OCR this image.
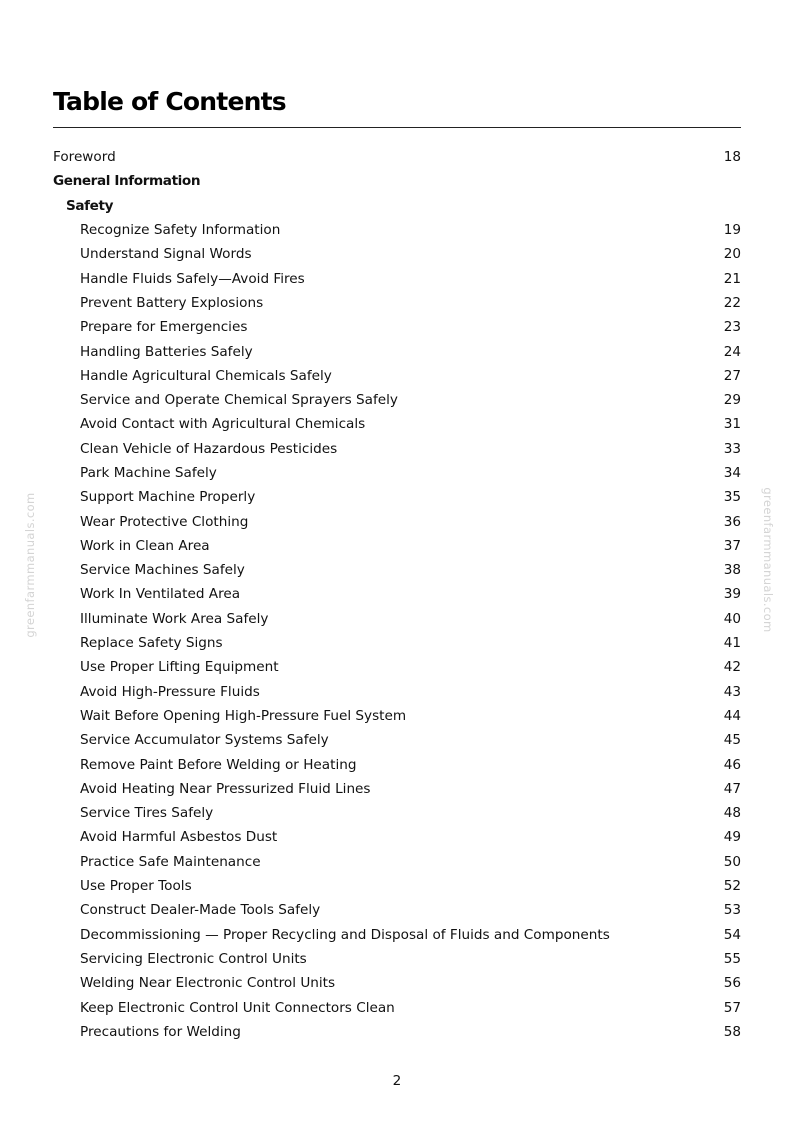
Table of Contents
Foreword	18
General Information
Safety
Recognize Safety Information	19
Understand Signal Words	20
Handle Fluids Safely—Avoid Fires	21
Prevent Battery Explosions	22
Prepare for Emergencies	23
Handling Batteries Safely	24
Handle Agricultural Chemicals Safely	27
Service and Operate Chemical Sprayers Safely	29
Avoid Contact with Agricultural Chemicals	31
Clean Vehicle of Hazardous Pesticides	33
Park Machine Safely	34
Support Machine Properly	35
Wear Protective Clothing	36
Work in Clean Area	37
Service Machines Safely	38
Work In Ventilated Area	39
Illuminate Work Area Safely	40
Replace Safety Signs	41
Use Proper Lifting Equipment	42
Avoid High-Pressure Fluids	43
Wait Before Opening High-Pressure Fuel System	44
Service Accumulator Systems Safely	45
Remove Paint Before Welding or Heating	46
Avoid Heating Near Pressurized Fluid Lines	47
Service Tires Safely	48
Avoid Harmful Asbestos Dust	49
Practice Safe Maintenance	50
Use Proper Tools	52
Construct Dealer-Made Tools Safely	53
Decommissioning — Proper Recycling and Disposal of Fluids and Components	54
Servicing Electronic Control Units	55
Welding Near Electronic Control Units	56
Keep Electronic Control Unit Connectors Clean	57
Precautions for Welding	58
greenfarmmanuals.com	greenfarmmanuals.com
2
